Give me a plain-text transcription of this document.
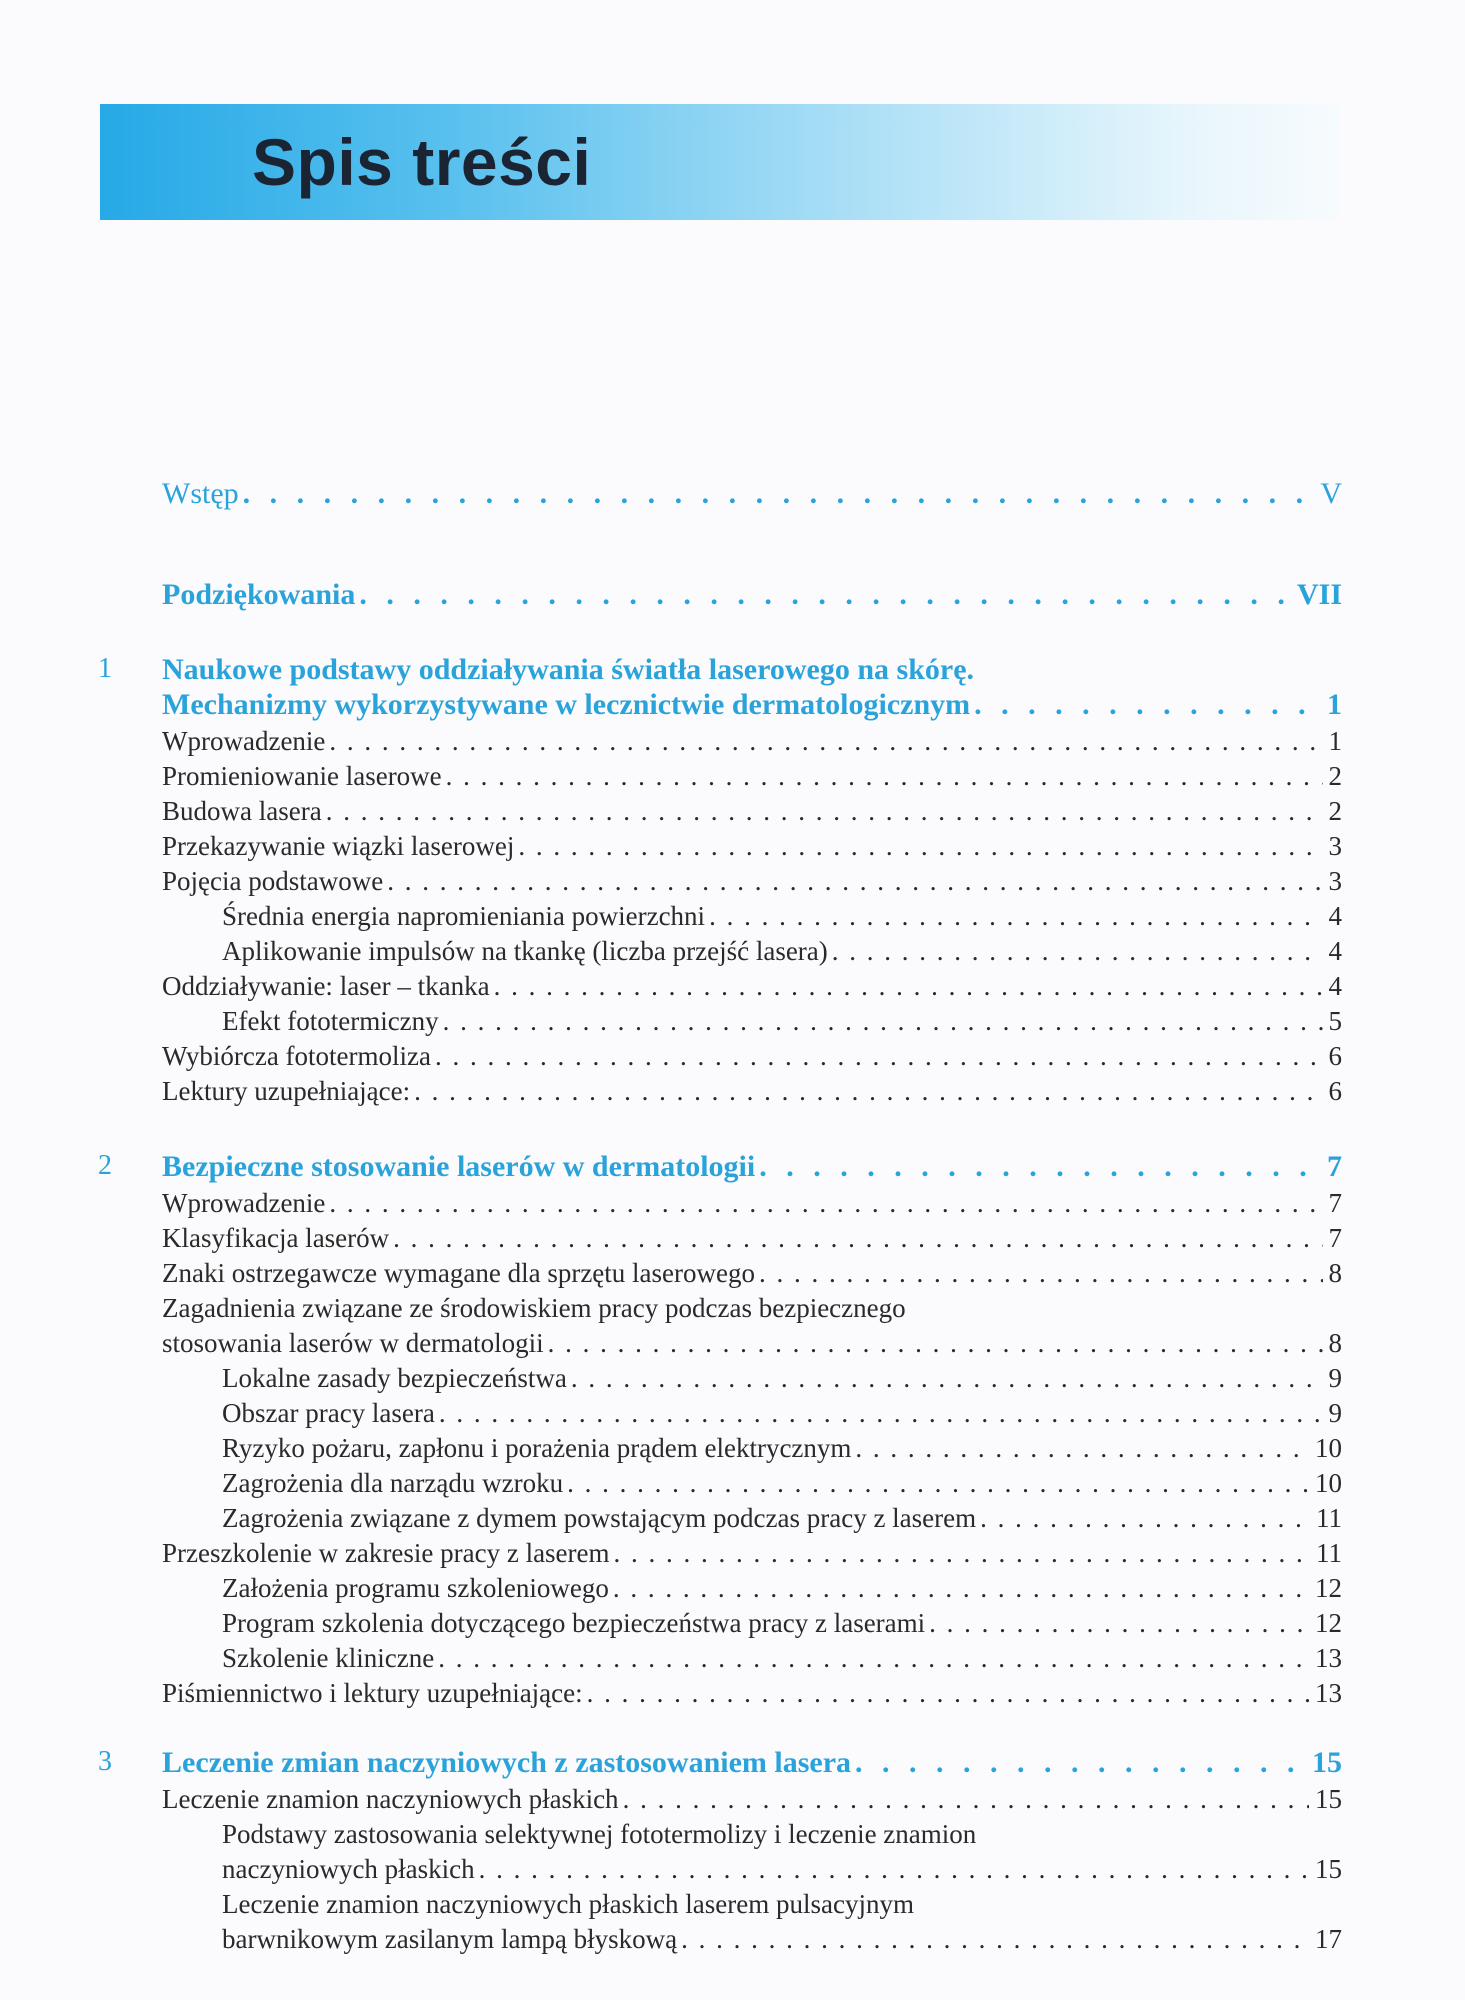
Spis treści
Wstęp . . .	V
Podziękowania . . .	VII
1 Naukowe podstawy oddziaływania światła laserowego na skórę.
Mechanizmy wykorzystywane w lecznictwie dermatologicznym . . .	1
Wprowadzenie . . .	1
Promieniowanie laserowe . . .	2
Budowa lasera . . .	2
Przekazywanie wiązki laserowej . . .	3
Pojęcia podstawowe . . .	3
Średnia energia napromieniania powierzchni . . .	4
Aplikowanie impulsów na tkankę (liczba przejść lasera) . . .	4
Oddziaływanie: laser – tkanka . . .	4
Efekt fototermiczny . . .	5
Wybiórcza fototermoliza . . .	6
Lektury uzupełniające: . . .	6
2 Bezpieczne stosowanie laserów w dermatologii . . .	7
Wprowadzenie . . .	7
Klasyfikacja laserów . . .	7
Znaki ostrzegawcze wymagane dla sprzętu laserowego . . .	8
Zagadnienia związane ze środowiskiem pracy podczas bezpiecznego
stosowania laserów w dermatologii . . .	8
Lokalne zasady bezpieczeństwa . . .	9
Obszar pracy lasera . . .	9
Ryzyko pożaru, zapłonu i porażenia prądem elektrycznym . . .	10
Zagrożenia dla narządu wzroku . . .	10
Zagrożenia związane z dymem powstającym podczas pracy z laserem . . .	11
Przeszkolenie w zakresie pracy z laserem . . .	11
Założenia programu szkoleniowego . . .	12
Program szkolenia dotyczącego bezpieczeństwa pracy z laserami . . .	12
Szkolenie kliniczne . . .	13
Piśmiennictwo i lektury uzupełniające: . . .	13
3 Leczenie zmian naczyniowych z zastosowaniem lasera . . .	15
Leczenie znamion naczyniowych płaskich . . .	15
Podstawy zastosowania selektywnej fototermolizy i leczenie znamion
naczyniowych płaskich . . .	15
Leczenie znamion naczyniowych płaskich laserem pulsacyjnym
barwnikowym zasilanym lampą błyskową . . .	17
